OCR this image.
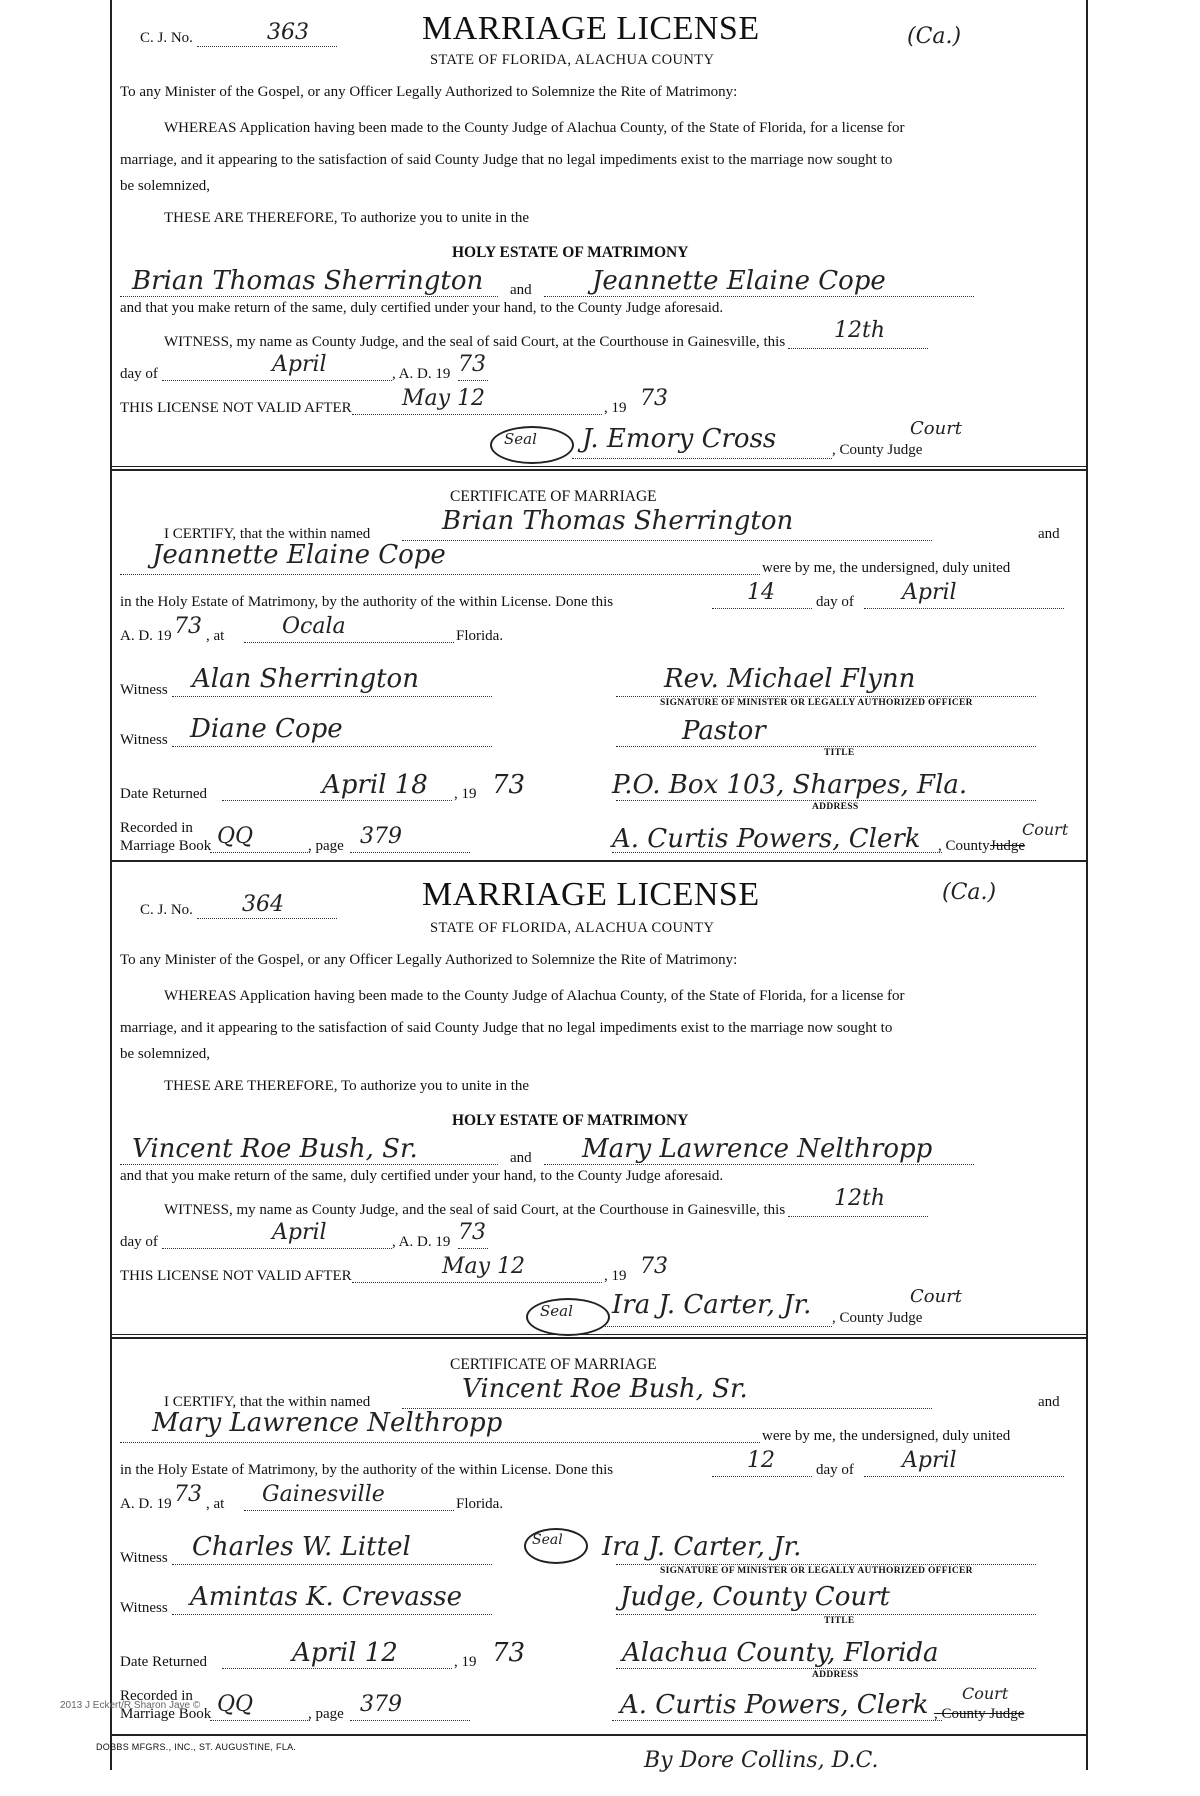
C. J. No.	363	MARRIAGE LICENSE
STATE OF FLORIDA, ALACHUA COUNTY
(Ca.)
To any Minister of the Gospel, or any Officer Legally Authorized to Solemnize the Rite of Matrimony:
WHEREAS Application having been made to the County Judge of Alachua County, of the State of Florida, for a license for
marriage, and it appearing to the satisfaction of said County Judge that no legal impediments exist to the marriage now sought to
be solemnized,
THESE ARE THEREFORE, To authorize you to unite in the
HOLY ESTATE OF MATRIMONY
Brian Thomas Sherrington and Jeannette Elaine Cope
and that you make return of the same, duly certified under your hand, to the County Judge aforesaid.
WITNESS, my name as County Judge, and the seal of said Court, at the Courthouse in Gainesville, this 12th
day of	April	, A. D. 19 73
THIS LICENSE NOT VALID AFTER May 12	, 19 73
Seal J. Emory Cross	, County Judge
Court
CERTIFICATE OF MARRIAGE
I CERTIFY, that the within named	Brian Thomas Sherrington	and
Jeannette Elaine Cope	were by me, the undersigned, duly united
in the Holy Estate of Matrimony, by the authority of the within License. Done this	14	day of April
A. D. 19 73 , at	Ocala	Florida.
Witness Alan Sherrington	Rev. Michael Flynn
SIGNATURE OF MINISTER OR LEGALLY AUTHORIZED OFFICER
Witness Diane Cope	Pastor
TITLE
Date Returned	April 18 , 19 73	P.O. Box 103, Sharpes, Fla.
ADDRESS
Recorded in
Marriage Book QQ	, page 379	A. Curtis Powers, Clerk , County Judge
Court
C. J. No. 364	MARRIAGE LICENSE
STATE OF FLORIDA, ALACHUA COUNTY
(Ca.)
To any Minister of the Gospel, or any Officer Legally Authorized to Solemnize the Rite of Matrimony:
WHEREAS Application having been made to the County Judge of Alachua County, of the State of Florida, for a license for
marriage, and it appearing to the satisfaction of said County Judge that no legal impediments exist to the marriage now sought to
be solemnized,
THESE ARE THEREFORE, To authorize you to unite in the
HOLY ESTATE OF MATRIMONY
Vincent Roe Bush, Sr.	and Mary Lawrence Nelthropp
and that you make return of the same, duly certified under your hand, to the County Judge aforesaid.
WITNESS, my name as County Judge, and the seal of said Court, at the Courthouse in Gainesville, this 12th
day of	April	, A. D. 19 73
THIS LICENSE NOT VALID AFTER	May 12	, 19 73
Seal Ira J. Carter, Jr. , County Judge
Court
CERTIFICATE OF MARRIAGE
I CERTIFY, that the within named	Vincent Roe Bush, Sr.	and
Mary Lawrence Nelthropp	were by me, the undersigned, duly united
in the Holy Estate of Matrimony, by the authority of the within License. Done this	12	day of April
A. D. 19 73 , at Gainesville	Florida.
Witness Charles W. Littel	Seal Ira J. Carter, Jr.
SIGNATURE OF MINISTER OR LEGALLY AUTHORIZED OFFICER
Witness Amintas K. Crevasse	Judge, County Court
TITLE
Date Returned	April 12	, 19 73	Alachua County, Florida
ADDRESS
Recorded in
Marriage Book QQ	, page 379	A. Curtis Powers, Clerk , County Judge
Court
2013 J Eckert/R Sharon Jaye ©
DOBBS MFGRS., INC., ST. AUGUSTINE, FLA.
By Dore Collins, D.C.
